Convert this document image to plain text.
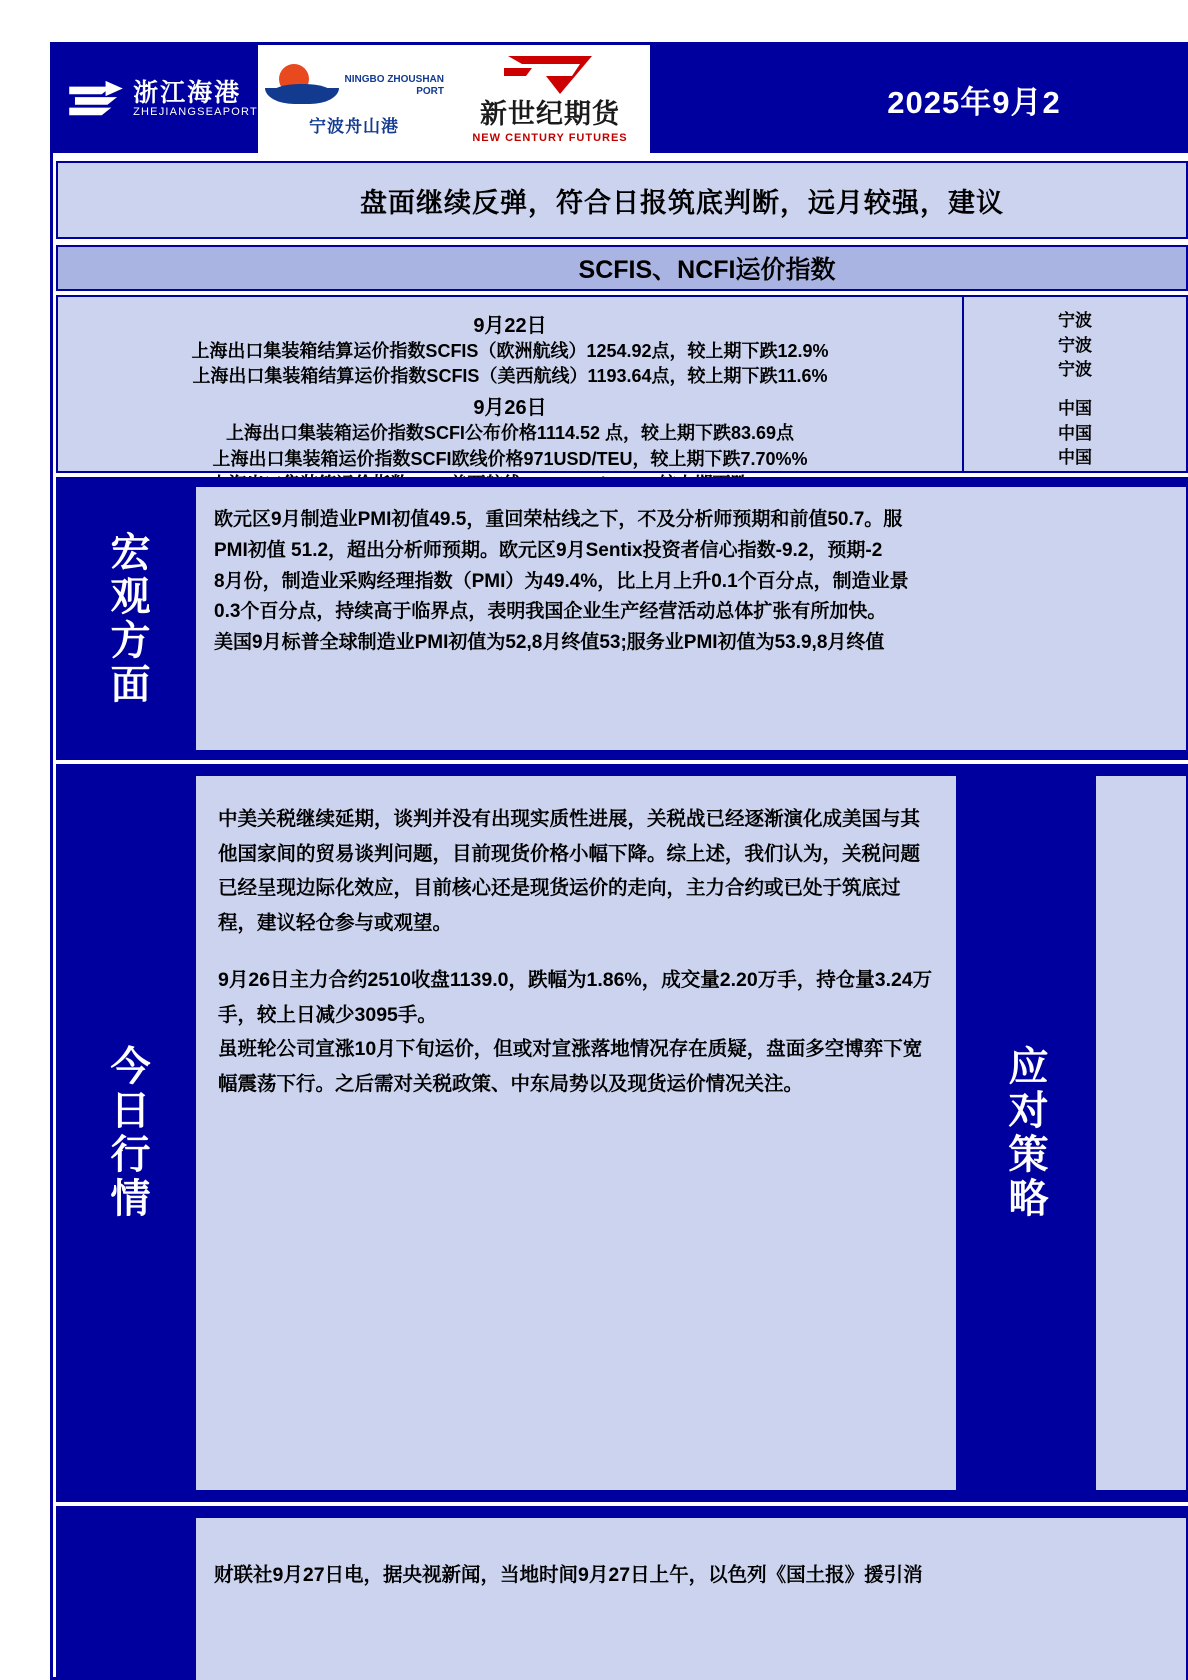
浙江海港
ZHEJIANGSEAPORT
NINGBO ZHOUSHAN
PORT
宁波舟山港	新世纪期货
NEW CENTURY FUTURES
2025年9月2
盘面继续反弹，符合日报筑底判断，远月较强，建议
SCFIS、NCFI运价指数
9月22日
上海出口集装箱结算运价指数SCFIS（欧洲航线）1254.92点，较上期下跌12.9%
上海出口集装箱结算运价指数SCFIS（美西航线）1193.64点，较上期下跌11.6%
9月26日
上海出口集装箱运价指数SCFI公布价格1114.52 点，较上期下跌83.69点
上海出口集装箱运价指数SCFI欧线价格971USD/TEU，较上期下跌7.70%%
宁波
宁波
宁波
中国
中国
中国
宏观方面

欧元区9月制造业PMI初值49.5，重回荣枯线之下，不及分析师预期和前值50.7。服

PMI初值 51.2，超出分析师预期。欧元区9月Sentix投资者信心指数-9.2，预期-2

8月份，制造业采购经理指数（PMI）为49.4%，比上月上升0.1个百分点，制造业景

0.3个百分点，持续高于临界点，表明我国企业生产经营活动总体扩张有所加快。

美国9月标普全球制造业PMI初值为52,8月终值53;服务业PMI初值为53.9,8月终值

今日行情

中美关税继续延期，谈判并没有出现实质性进展，关税战已经逐渐演化成美国与其他国家间的贸易谈判问题，目前现货价格小幅下降。综上述，我们认为，关税问题已经呈现边际化效应，目前核心还是现货运价的走向，主力合约或已处于筑底过程，建议轻仓参与或观望。

9月26日主力合约2510收盘1139.0，跌幅为1.86%，成交量2.20万手，持仓量3.24万手，较上日减少3095手。

虽班轮公司宣涨10月下旬运价，但或对宣涨落地情况存在质疑，盘面多空博弈下宽幅震荡下行。之后需对关税政策、中东局势以及现货运价情况关注。	应对策略

财联社9月27日电，据央视新闻，当地时间9月27日上午，以色列《国土报》援引消
